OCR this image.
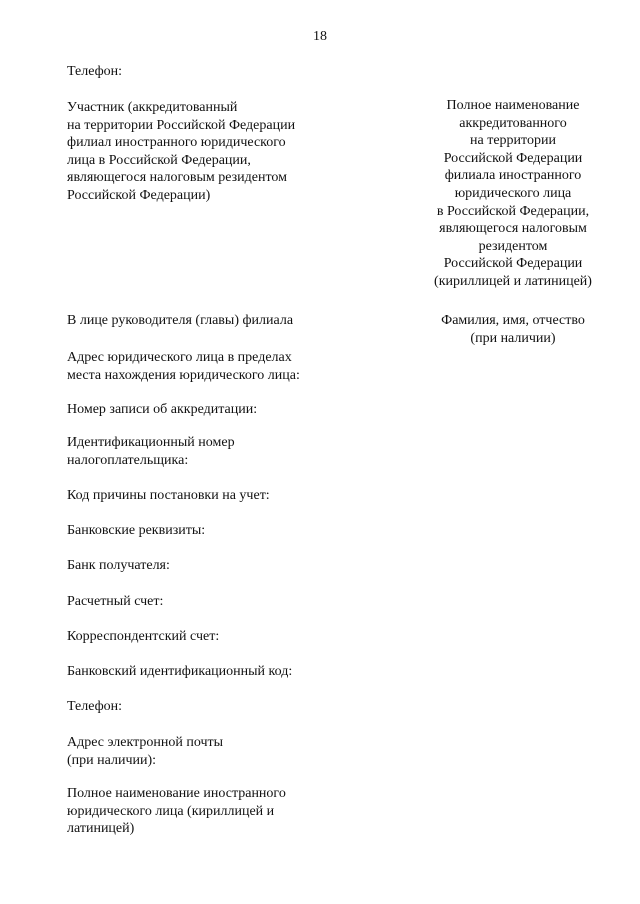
18
Телефон:
Участник (аккредитованный
на территории Российской Федерации
филиал иностранного юридического
лица в Российской Федерации,
являющегося налоговым резидентом
Российской Федерации)
Полное наименование
аккредитованного
на территории
Российской Федерации
филиала иностранного
юридического лица
в Российской Федерации,
являющегося налоговым
резидентом
Российской Федерации
(кириллицей и латиницей)
В лице руководителя (главы) филиала	Фамилия, имя, отчество
(при наличии)
Адрес юридического лица в пределах
места нахождения юридического лица:
Номер записи об аккредитации:
Идентификационный номер
налогоплательщика:
Код причины постановки на учет:
Банковские реквизиты:
Банк получателя:
Расчетный счет:
Корреспондентский счет:
Банковский идентификационный код:
Телефон:
Адрес электронной почты
(при наличии):
Полное наименование иностранного
юридического лица (кириллицей и
латиницей)
